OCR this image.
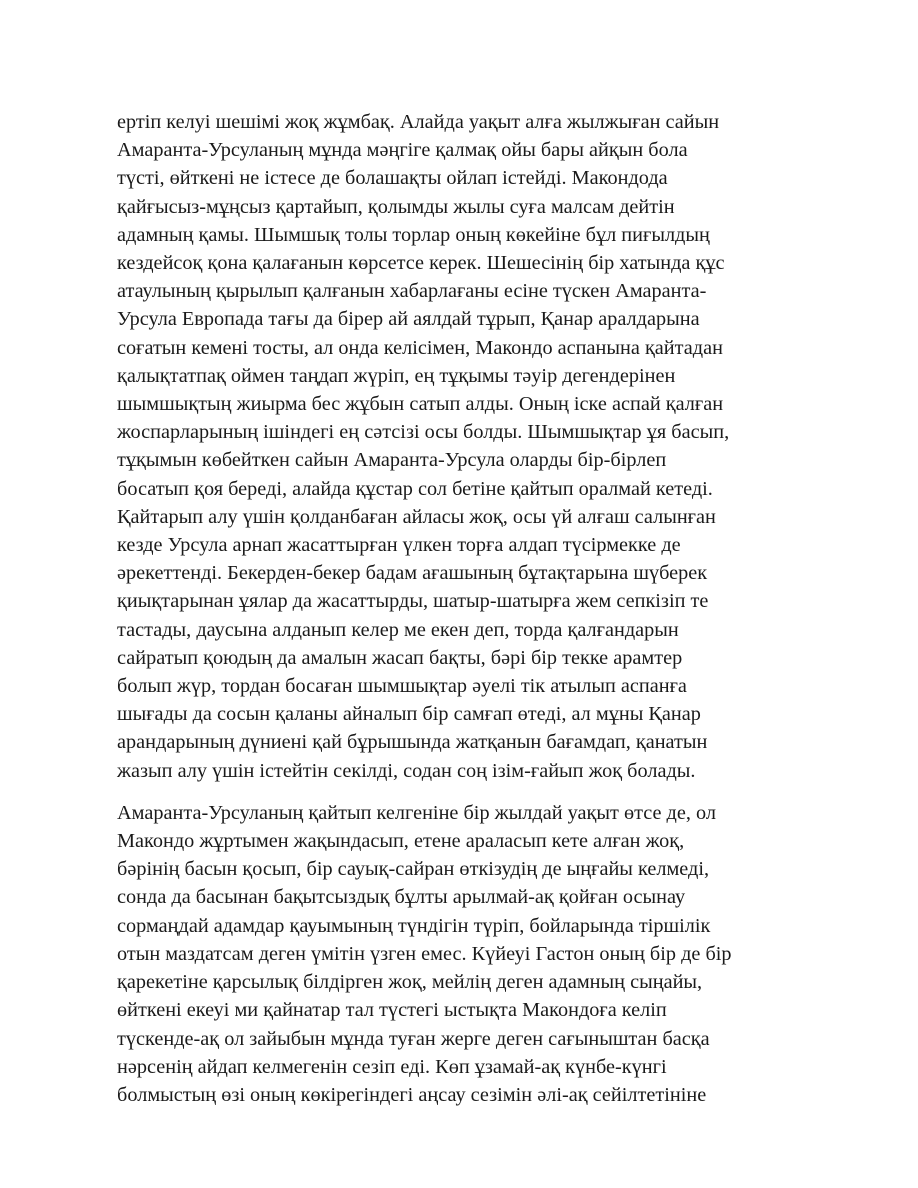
ертіп келуі шешімі жоқ жұмбақ. Алайда уақыт алға жылжыған сайын
Амаранта-Урсуланың мұнда мәңгіге қалмақ ойы бары айқын бола
түсті, өйткені не істесе де болашақты ойлап істейді. Макондода
қайғысыз-мұңсыз қартайып, қолымды жылы суға малсам дейтін
адамның қамы. Шымшық толы торлар оның көкейіне бұл пиғылдың
кездейсоқ қона қалағанын көрсетсе керек. Шешесінің бір хатында құс
атаулының қырылып қалғанын хабарлағаны есіне түскен Амаранта-
Урсула Европада тағы да бірер ай аялдай тұрып, Қанар аралдарына
соғатын кемені тосты, ал онда келісімен, Макондо аспанына қайтадан
қалықтатпақ оймен таңдап жүріп, ең тұқымы тәуір дегендерінен
шымшықтың жиырма бес жұбын сатып алды. Оның іске аспай қалған
жоспарларының ішіндегі ең сәтсізі осы болды. Шымшықтар ұя басып,
тұқымын көбейткен сайын Амаранта-Урсула оларды бір-бірлеп
босатып қоя береді, алайда құстар сол бетіне қайтып оралмай кетеді.
Қайтарып алу үшін қолданбаған айласы жоқ, осы үй алғаш салынған
кезде Урсула арнап жасаттырған үлкен торға алдап түсірмекке де
әрекеттенді. Бекерден-бекер бадам ағашының бұтақтарына шүберек
қиықтарынан ұялар да жасаттырды, шатыр-шатырға жем сепкізіп те
тастады, даусына алданып келер ме екен деп, торда қалғандарын
сайратып қоюдың да амалын жасап бақты, бәрі бір текке арамтер
болып жүр, тордан босаған шымшықтар әуелі тік атылып аспанға
шығады да сосын қаланы айналып бір самғап өтеді, ал мұны Қанар
арандарының дүниені қай бұрышында жатқанын бағамдап, қанатын
жазып алу үшін істейтін секілді, содан соң ізім-ғайып жоқ болады.

Амаранта-Урсуланың қайтып келгеніне бір жылдай уақыт өтсе де, ол
Макондо жұртымен жақындасып, етене араласып кете алған жоқ,
бәрінің басын қосып, бір сауық-сайран өткізудің де ыңғайы келмеді,
сонда да басынан бақытсыздық бұлты арылмай-ақ қойған осынау
сормаңдай адамдар қауымының түндігін түріп, бойларында тіршілік
отын маздатсам деген үмітін үзген емес. Күйеуі Гастон оның бір де бір
қарекетіне қарсылық білдірген жоқ, мейлің деген адамның сыңайы,
өйткені екеуі ми қайнатар тал түстегі ыстықта Макондоға келіп
түскенде-ақ ол зайыбын мұнда туған жерге деген сағыныштан басқа
нәрсенің айдап келмегенін сезіп еді. Көп ұзамай-ақ күнбе-күнгі
болмыстың өзі оның көкірегіндегі аңсау сезімін әлі-ақ сейілтетініне
